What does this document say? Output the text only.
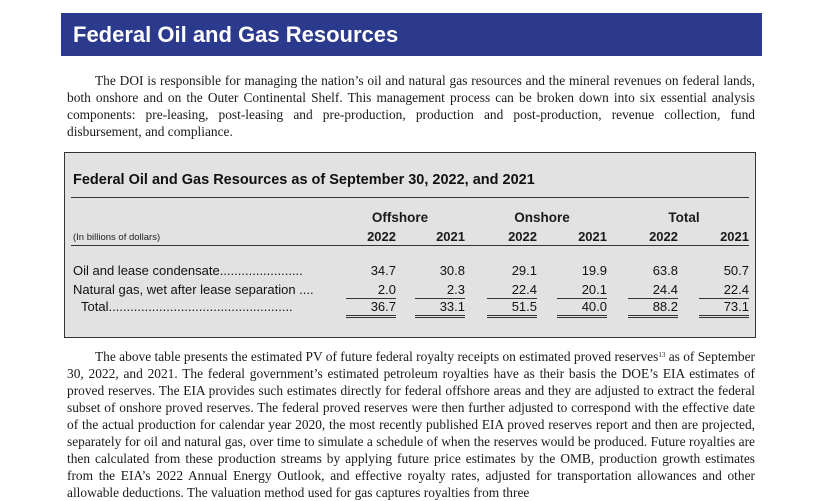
Federal Oil and Gas Resources

The DOI is responsible for managing the nation’s oil and natural gas resources and the mineral revenues on federal lands, both onshore and on the Outer Continental Shelf. This management process can be broken down into six essential analysis components: pre-leasing, post-leasing and pre-production, production and post-production, revenue collection, fund disbursement, and compliance.

Federal Oil and Gas Resources as of September 30, 2022, and 2021
Offshore	Onshore	Total
(In billions of dollars)	2022	2021	2022	2021	2022	2021
Oil and lease condensate.......................	34.7	30.8	29.1	19.9	63.8	50.7
Natural gas, wet after lease separation ....	2.0	2.3	22.4	20.1	24.4	22.4
Total...................................................	36.7	33.1	51.5	40.0	88.2	73.1

The above table presents the estimated PV of future federal royalty receipts on estimated proved reserves$^{13}$ as of September 30, 2022, and 2021. The federal government’s estimated petroleum royalties have as their basis the DOE’s EIA estimates of proved reserves. The EIA provides such estimates directly for federal offshore areas and they are adjusted to extract the federal subset of onshore proved reserves. The federal proved reserves were then further adjusted to correspond with the effective date of the actual production for calendar year 2020, the most recently published EIA proved reserves report and then are projected, separately for oil and natural gas, over time to simulate a schedule of when the reserves would be produced. Future royalties are then calculated from these production streams by applying future price estimates by the OMB, production growth estimates from the EIA’s 2022 Annual Energy Outlook, and effective royalty rates, adjusted for transportation allowances and other allowable deductions. The valuation method used for gas captures royalties from three
